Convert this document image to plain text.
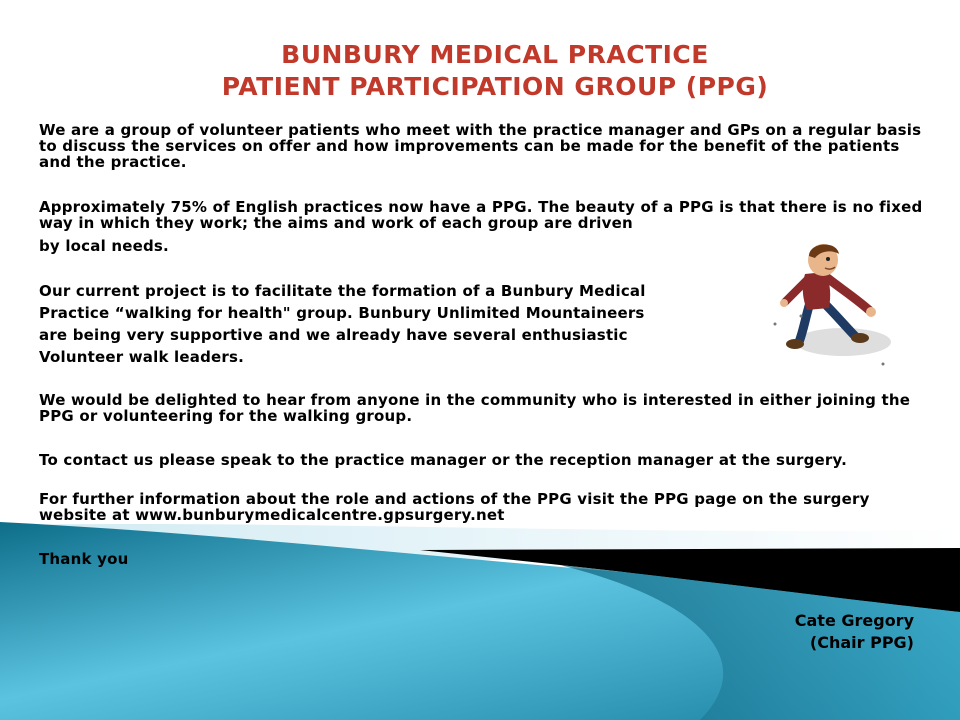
BUNBURY MEDICAL PRACTICE
PATIENT PARTICIPATION GROUP (PPG)

We are a group of volunteer patients who meet with the practice manager and GPs on a regular basis to discuss the services on offer and how improvements can be made for the benefit of the patients and the practice.

Approximately 75% of English practices now have a PPG. The beauty of a PPG is that there is no fixed way in which they work; the aims and work of each group are driven

by local needs.

Our current project is to facilitate the formation of a Bunbury Medical
Practice “walking for health" group. Bunbury Unlimited Mountaineers
are being very supportive and we already have several enthusiastic
Volunteer walk leaders.

We would be delighted to hear from anyone in the community who is interested in either joining the PPG or volunteering for the walking group.

To contact us please speak to the practice manager or the reception manager at the surgery.

For further information about the role and actions of the PPG visit the PPG page on the surgery website at www.bunburymedicalcentre.gpsurgery.net

Thank you

Cate Gregory
(Chair PPG)
